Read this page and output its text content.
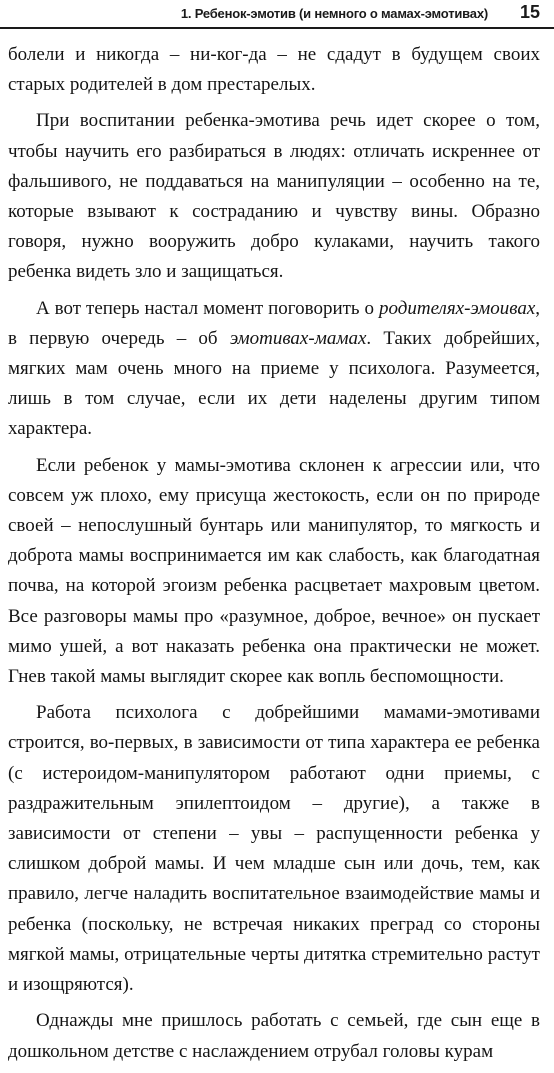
1. Ребенок-эмотив (и немного о мамах-эмотивах) 15

болели и никогда – ни-ког-да – не сдадут в будущем своих старых родителей в дом престарелых.

При воспитании ребенка-эмотива речь идет скорее о том, чтобы научить его разбираться в людях: отличать искреннее от фальшивого, не поддаваться на манипуляции – особенно на те, которые взывают к состраданию и чувству вины. Образно говоря, нужно вооружить добро кулаками, научить такого ребенка видеть зло и защищаться.

А вот теперь настал момент поговорить о родителях-эмоивах, в первую очередь – об эмотивах-мамах. Таких добрейших, мягких мам очень много на приеме у психолога. Разумеется, лишь в том случае, если их дети наделены другим типом характера.

Если ребенок у мамы-эмотива склонен к агрессии или, что совсем уж плохо, ему присуща жестокость, если он по природе своей – непослушный бунтарь или манипулятор, то мягкость и доброта мамы воспринимается им как слабость, как благодатная почва, на которой эгоизм ребенка расцветает махровым цветом. Все разговоры мамы про «разумное, доброе, вечное» он пускает мимо ушей, а вот наказать ребенка она практически не может. Гнев такой мамы выглядит скорее как вопль беспомощности.

Работа психолога с добрейшими мамами-эмотивами строится, во-первых, в зависимости от типа характера ее ребенка (с истероидом-манипулятором работают одни приемы, с раздражительным эпилептоидом – другие), а также в зависимости от степени – увы – распущенности ребенка у слишком доброй мамы. И чем младше сын или дочь, тем, как правило, легче наладить воспитательное взаимодействие мамы и ребенка (поскольку, не встречая никаких преград со стороны мягкой мамы, отрицательные черты дитятка стремительно растут и изощряются).

Однажды мне пришлось работать с семьей, где сын еще в дошкольном детстве с наслаждением отрубал головы курам
